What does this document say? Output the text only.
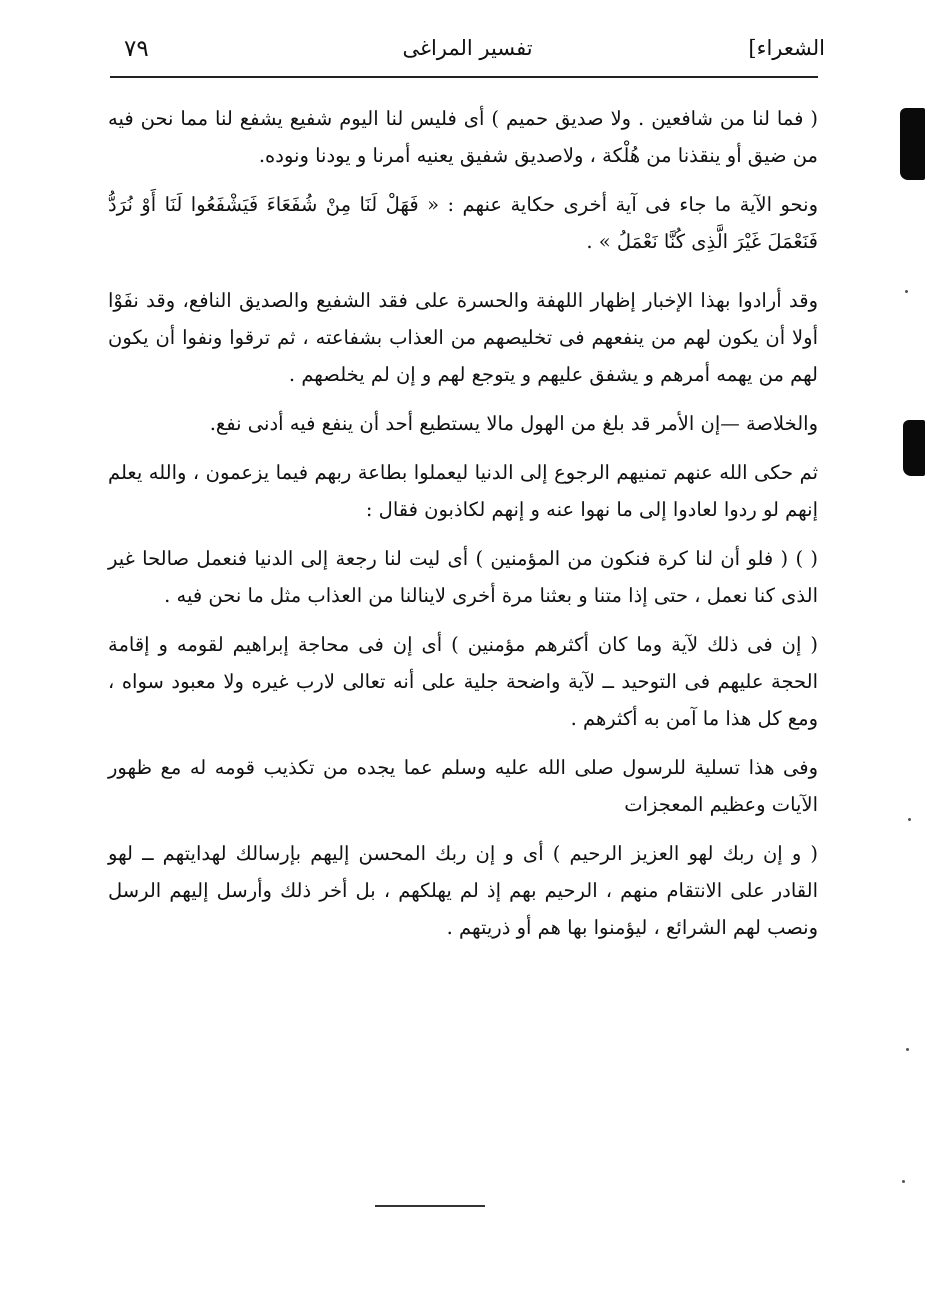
الشعراء]
تفسير المراغى
٧٩

( فما لنا من شافعين . ولا صديق حميم ) أى فليس لنا اليوم شفيع يشفع لنا مما نحن فيه من ضيق أو ينقذنا من هُلْكة ، ولاصديق شفيق يعنيه أمرنا و يودنا ونوده.

ونحو الآية ما جاء فى آية أخرى حكاية عنهم : « فَهَلْ لَنَا مِنْ شُفَعَاءَ فَيَشْفَعُوا لَنَا أَوْ نُرَدُّ فَنَعْمَلَ غَيْرَ الَّذِى كُنَّا نَعْمَلُ » .

وقد أرادوا بهذا الإخبار إظهار اللهفة والحسرة على فقد الشفيع والصديق النافع، وقد نفَوْا أولا أن يكون لهم من ينفعهم فى تخليصهم من العذاب بشفاعته ، ثم ترقوا ونفوا أن يكون لهم من يهمه أمرهم و يشفق عليهم و يتوجع لهم و إن لم يخلصهم .

والخلاصة —إن الأمر قد بلغ من الهول مالا يستطيع أحد أن ينفع فيه أدنى نفع.

ثم حكى الله عنهم تمنيهم الرجوع إلى الدنيا ليعملوا بطاعة ربهم فيما يزعمون ، والله يعلم إنهم لو ردوا لعادوا إلى ما نهوا عنه و إنهم لكاذبون فقال :

( ) ( فلو أن لنا كرة فنكون من المؤمنين ) أى ليت لنا رجعة إلى الدنيا فنعمل صالحا غير الذى كنا نعمل ، حتى إذا متنا و بعثنا مرة أخرى لاينالنا من العذاب مثل ما نحن فيه .

( إن فى ذلك لآية وما كان أكثرهم مؤمنين ) أى إن فى محاجة إبراهيم لقومه و إقامة الحجة عليهم فى التوحيد ــ لآية واضحة جلية على أنه تعالى لارب غيره ولا معبود سواه ، ومع كل هذا ما آمن به أكثرهم .

وفى هذا تسلية للرسول صلى الله عليه وسلم عما يجده من تكذيب قومه له مع ظهور الآيات وعظيم المعجزات

( و إن ربك لهو العزيز الرحيم ) أى و إن ربك المحسن إليهم بإرسالك لهدايتهم ــ لهو القادر على الانتقام منهم ، الرحيم بهم إذ لم يهلكهم ، بل أخر ذلك وأرسل إليهم الرسل ونصب لهم الشرائع ، ليؤمنوا بها هم أو ذريتهم .
